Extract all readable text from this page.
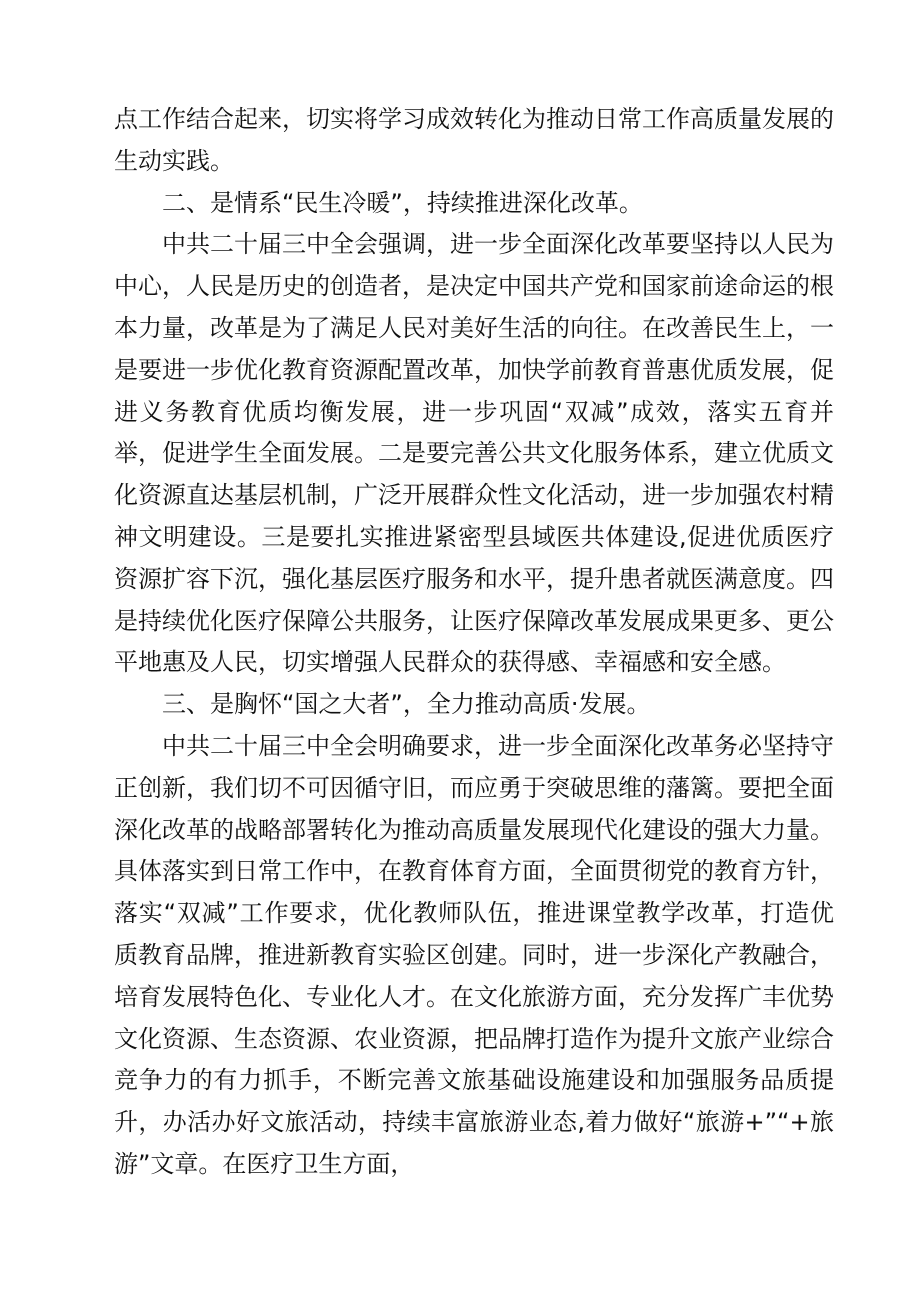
点工作结合起来，切实将学习成效转化为推动日常工作高质量发展的生动实践。

二、是情系“民生冷暖”，持续推进深化改革。

中共二十届三中全会强调，进一步全面深化改革要坚持以人民为中心，人民是历史的创造者，是决定中国共产党和国家前途命运的根本力量，改革是为了满足人民对美好生活的向往。在改善民生上，一是要进一步优化教育资源配置改革，加快学前教育普惠优质发展，促进义务教育优质均衡发展，进一步巩固“双减”成效，落实五育并举，促进学生全面发展。二是要完善公共文化服务体系，建立优质文化资源直达基层机制，广泛开展群众性文化活动，进一步加强农村精神文明建设。三是要扎实推进紧密型县域医共体建设,促进优质医疗资源扩容下沉，强化基层医疗服务和水平，提升患者就医满意度。四是持续优化医疗保障公共服务，让医疗保障改革发展成果更多、更公平地惠及人民，切实增强人民群众的获得感、幸福感和安全感。

三、是胸怀“国之大者”，全力推动高质·发展。

中共二十届三中全会明确要求，进一步全面深化改革务必坚持守正创新，我们切不可因循守旧，而应勇于突破思维的藩篱。要把全面深化改革的战略部署转化为推动高质量发展现代化建设的强大力量。具体落实到日常工作中，在教育体育方面，全面贯彻党的教育方针，落实“双减”工作要求，优化教师队伍，推进课堂教学改革，打造优质教育品牌，推进新教育实验区创建。同时，进一步深化产教融合，培育发展特色化、专业化人才。在文化旅游方面，充分发挥广丰优势文化资源、生态资源、农业资源，把品牌打造作为提升文旅产业综合竞争力的有力抓手，不断完善文旅基础设施建设和加强服务品质提升，办活办好文旅活动，持续丰富旅游业态,着力做好“旅游+”“+旅游”文章。在医疗卫生方面，
